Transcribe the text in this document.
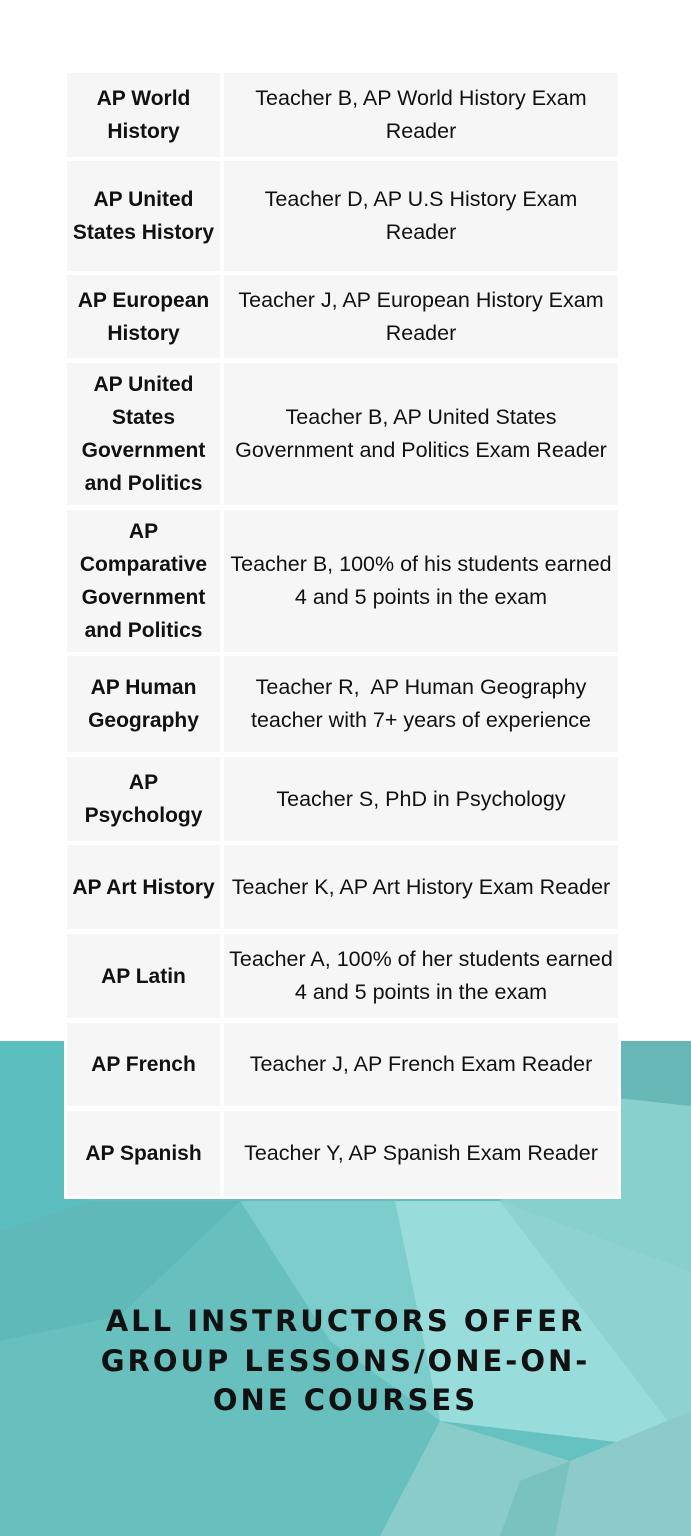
AP World History
Teacher B, AP World History Exam Reader
AP United States History
Teacher D, AP U.S History Exam Reader
AP European History
Teacher J, AP European History Exam Reader
AP United States Government and Politics
Teacher B, AP United States Government and Politics Exam Reader
AP Comparative Government and Politics
Teacher B, 100% of his students earned 4 and 5 points in the exam
AP Human Geography
Teacher R,  AP Human Geography teacher with 7+ years of experience
AP Psychology
Teacher S, PhD in Psychology
AP Art History Teacher K, AP Art History Exam Reader
AP Latin
Teacher A, 100% of her students earned 4 and 5 points in the exam
AP French	Teacher J, AP French Exam Reader
AP Spanish	Teacher Y, AP Spanish Exam Reader
ALL INSTRUCTORS OFFER
GROUP LESSONS/ONE-ON-
ONE COURSES
